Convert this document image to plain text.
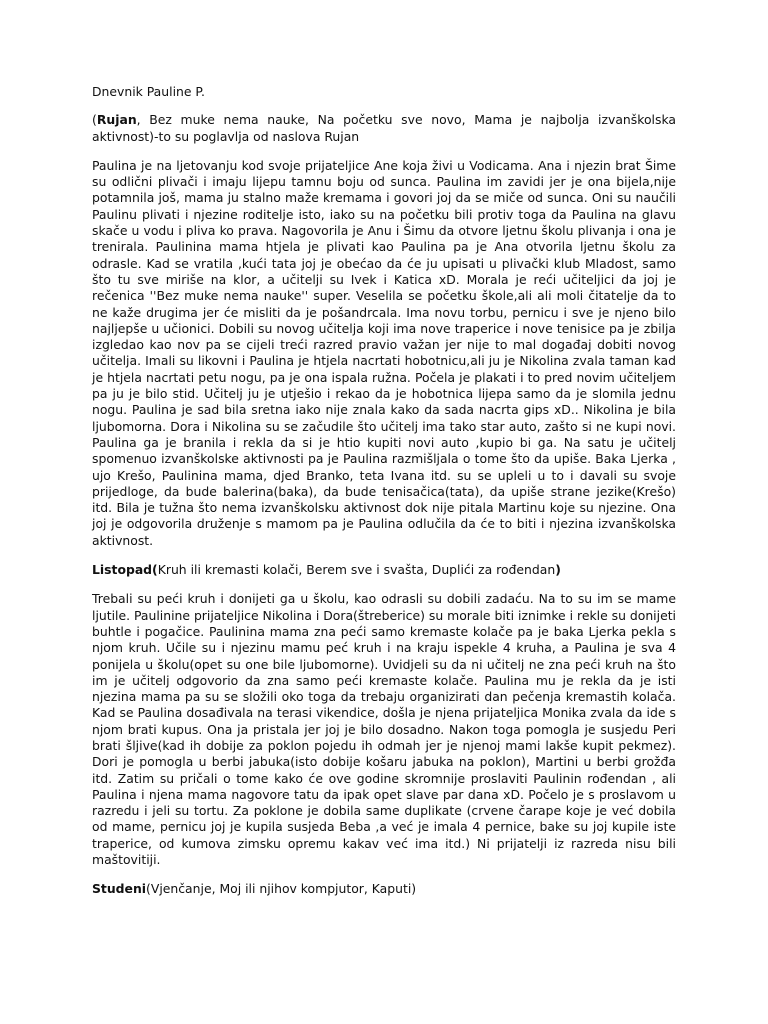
Dnevnik Pauline P.

(Rujan, Bez muke nema nauke, Na početku sve novo, Mama je najbolja izvanškolska aktivnost)-to su poglavlja od naslova Rujan

Paulina je na ljetovanju kod svoje prijateljice Ane koja živi u Vodicama. Ana i njezin brat Šime su odlični plivači i imaju lijepu tamnu boju od sunca. Paulina im zavidi jer je ona bijela,nije potamnila još, mama ju stalno maže kremama i govori joj da se miče od sunca. Oni su naučili Paulinu plivati i njezine roditelje isto, iako su na početku bili protiv toga da Paulina na glavu skače u vodu i pliva ko prava. Nagovorila je Anu i Šimu da otvore ljetnu školu plivanja i ona je trenirala. Paulinina mama htjela je plivati kao Paulina pa je Ana otvorila ljetnu školu za odrasle. Kad se vratila ,kući tata joj je obećao da će ju upisati u plivački klub Mladost, samo što tu sve miriše na klor, a učitelji su Ivek i Katica xD. Morala je reći učiteljici da joj je rečenica ''Bez muke nema nauke'' super. Veselila se početku škole,ali ali moli čitatelje da to ne kaže drugima jer će misliti da je pošandrcala. Ima novu torbu, pernicu i sve je njeno bilo najljepše u učionici. Dobili su novog učitelja koji ima nove traperice i nove tenisice pa je zbilja izgledao kao nov pa se cijeli treći razred pravio važan jer nije to mal događaj dobiti novog učitelja. Imali su likovni i Paulina je htjela nacrtati hobotnicu,ali ju je Nikolina zvala taman kad je htjela nacrtati petu nogu, pa je ona ispala ružna. Počela je plakati i to pred novim učiteljem pa ju je bilo stid. Učitelj ju je utješio i rekao da je hobotnica lijepa samo da je slomila jednu nogu. Paulina je sad bila sretna iako nije znala kako da sada nacrta gips xD.. Nikolina je bila ljubomorna. Dora i Nikolina su se začudile što učitelj ima tako star auto, zašto si ne kupi novi. Paulina ga je branila i rekla da si je htio kupiti novi auto ,kupio bi ga. Na satu je učitelj spomenuo izvanškolske aktivnosti pa je Paulina razmišljala o tome što da upiše. Baka Ljerka , ujo Krešo, Paulinina mama, djed Branko, teta Ivana itd. su se upleli u to i davali su svoje prijedloge, da bude balerina(baka), da bude tenisačica(tata), da upiše strane jezike(Krešo) itd. Bila je tužna što nema izvanškolsku aktivnost dok nije pitala Martinu koje su njezine. Ona joj je odgovorila druženje s mamom pa je Paulina odlučila da će to biti i njezina izvanškolska aktivnost.

Listopad(Kruh ili kremasti kolači, Berem sve i svašta, Duplići za rođendan)

Trebali su peći kruh i donijeti ga u školu, kao odrasli su dobili zadaću. Na to su im se mame ljutile. Paulinine prijateljice Nikolina i Dora(štreberice) su morale biti iznimke i rekle su donijeti buhtle i pogačice. Paulinina mama zna peći samo kremaste kolače pa je baka Ljerka pekla s njom kruh. Učile su i njezinu mamu peć kruh i na kraju ispekle 4 kruha, a Paulina je sva 4 ponijela u školu(opet su one bile ljubomorne). Uvidjeli su da ni učitelj ne zna peći kruh na što im je učitelj odgovorio da zna samo peći kremaste kolače. Paulina mu je rekla da je isti njezina mama pa su se složili oko toga da trebaju organizirati dan pečenja kremastih kolača. Kad se Paulina dosađivala na terasi vikendice, došla je njena prijateljica Monika zvala da ide s njom brati kupus. Ona ja pristala jer joj je bilo dosadno. Nakon toga pomogla je susjedu Peri brati šljive(kad ih dobije za poklon pojedu ih odmah jer je njenoj mami lakše kupit pekmez). Dori je pomogla u berbi jabuka(isto dobije košaru jabuka na poklon), Martini u berbi grožđa itd. Zatim su pričali o tome kako će ove godine skromnije proslaviti Paulinin rođendan , ali Paulina i njena mama nagovore tatu da ipak opet slave par dana xD. Počelo je s proslavom u razredu i jeli su tortu. Za poklone je dobila same duplikate (crvene čarape koje je već dobila od mame, pernicu joj je kupila susjeda Beba ,a već je imala 4 pernice, bake su joj kupile iste traperice, od kumova zimsku opremu kakav već ima itd.) Ni prijatelji iz razreda nisu bili maštovitiji.

Studeni(Vjenčanje, Moj ili njihov kompjutor, Kaputi)
